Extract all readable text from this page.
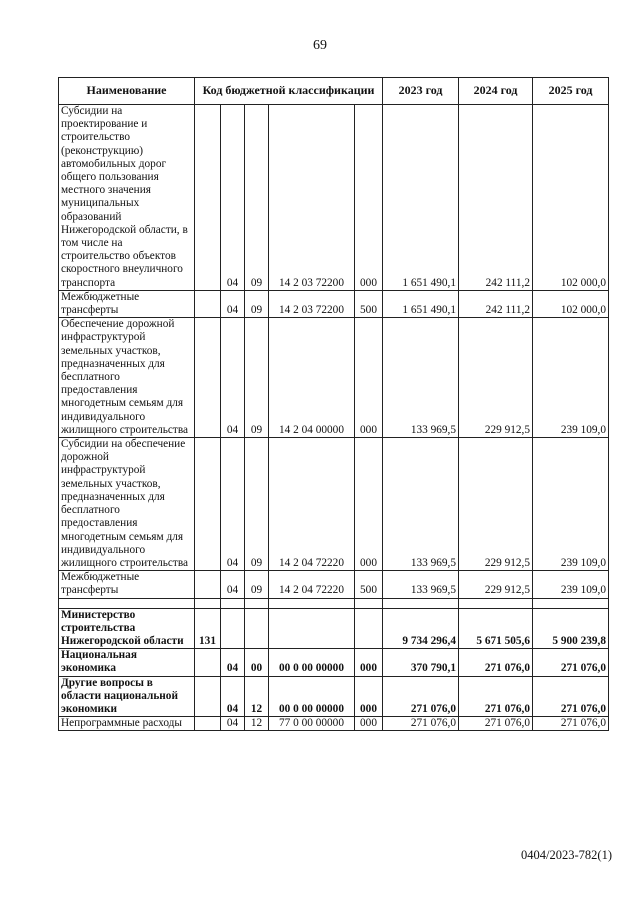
69
Наименование	Код бюджетной классификации					2023 год	2024 год	2025 год
Субсидии на проектирование и строительство (реконструкцию) автомобильных дорог общего пользования местного значения муниципальных образований Нижегородской области, в том числе на строительство объектов скоростного внеуличного транспорта		04	09	14 2 03 72200	000	1 651 490,1	242 111,2	102 000,0
Межбюджетные трансферты		04	09	14 2 03 72200	500	1 651 490,1	242 111,2	102 000,0
Обеспечение дорожной инфраструктурой земельных участков, предназначенных для бесплатного предоставления многодетным семьям для индивидуального жилищного строительства		04	09	14 2 04 00000	000	133 969,5	229 912,5	239 109,0
Субсидии на обеспечение дорожной инфраструктурой земельных участков, предназначенных для бесплатного предоставления многодетным семьям для индивидуального жилищного строительства		04	09	14 2 04 72220	000	133 969,5	229 912,5	239 109,0
Межбюджетные трансферты		04	09	14 2 04 72220	500	133 969,5	229 912,5	239 109,0

Министерство строительства Нижегородской области	131					9 734 296,4	5 671 505,6	5 900 239,8
Национальная экономика		04	00	00 0 00 00000	000	370 790,1	271 076,0	271 076,0
Другие вопросы в области национальной экономики		04	12	00 0 00 00000	000	271 076,0	271 076,0	271 076,0
Непрограммные расходы		04	12	77 0 00 00000	000	271 076,0	271 076,0	271 076,0
0404/2023-782(1)
